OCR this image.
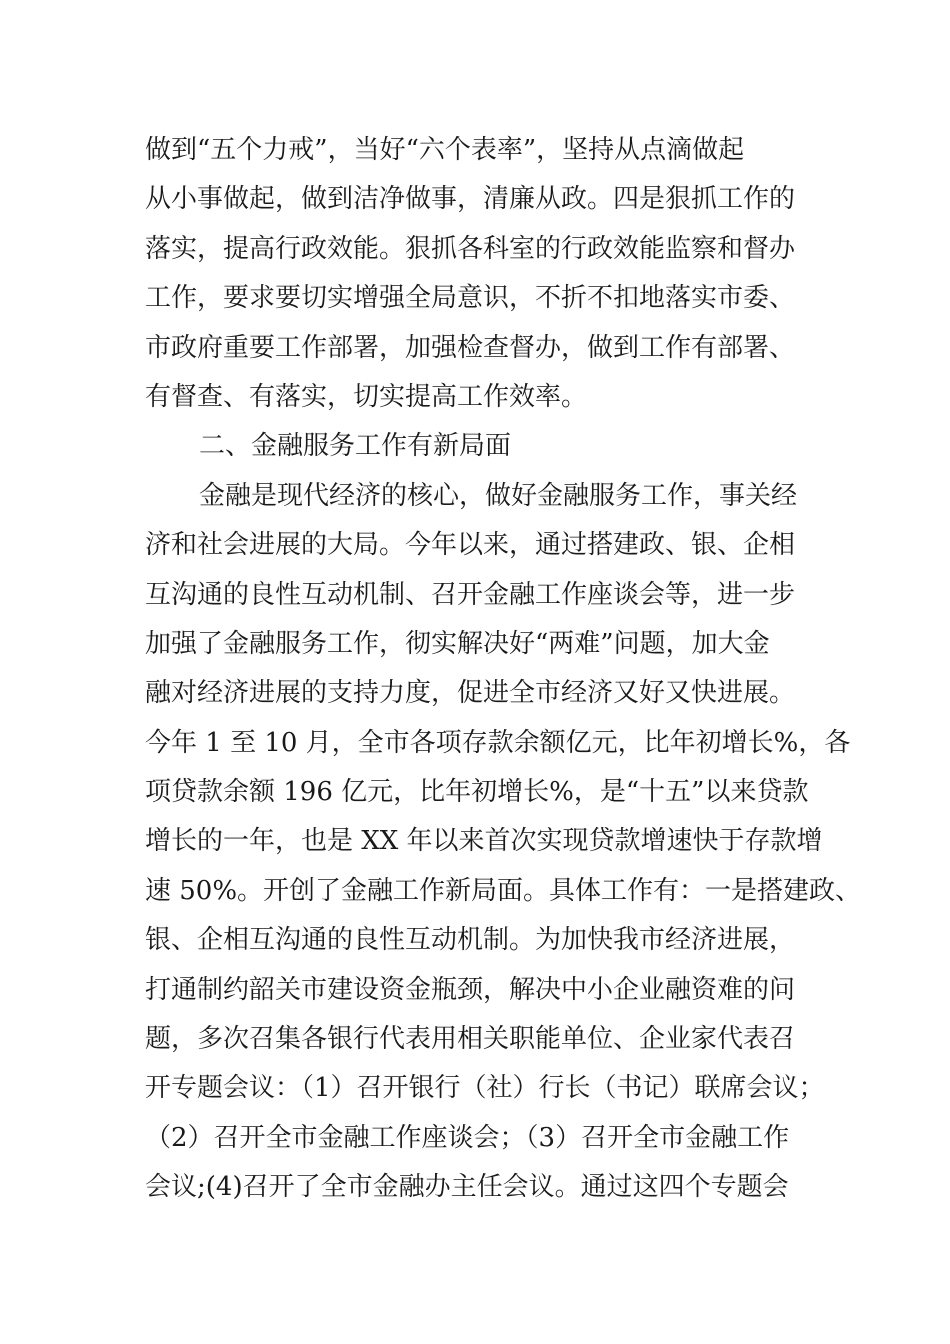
做到“五个力戒”，当好“六个表率”，坚持从点滴做起
从小事做起，做到洁净做事，清廉从政。四是狠抓工作的
落实，提高行政效能。狠抓各科室的行政效能监察和督办
工作，要求要切实增强全局意识，不折不扣地落实市委、
市政府重要工作部署，加强检查督办，做到工作有部署、
有督查、有落实，切实提高工作效率。
二、金融服务工作有新局面
金融是现代经济的核心，做好金融服务工作，事关经
济和社会进展的大局。今年以来，通过搭建政、银、企相
互沟通的良性互动机制、召开金融工作座谈会等，进一步
加强了金融服务工作，彻实解决好“两难”问题，加大金
融对经济进展的支持力度，促进全市经济又好又快进展。
今年 1 至 10 月，全市各项存款余额亿元，比年初增长%，各
项贷款余额 196 亿元，比年初增长%，是“十五”以来贷款
增长的一年，也是 XX 年以来首次实现贷款增速快于存款增
速 50%。开创了金融工作新局面。具体工作有：一是搭建政、
银、企相互沟通的良性互动机制。为加快我市经济进展，
打通制约韶关市建设资金瓶颈，解决中小企业融资难的问
题，多次召集各银行代表用相关职能单位、企业家代表召
开专题会议：（1）召开银行（社）行长（书记）联席会议；
（2）召开全市金融工作座谈会；（3）召开全市金融工作
会议;(4)召开了全市金融办主任会议。通过这四个专题会
